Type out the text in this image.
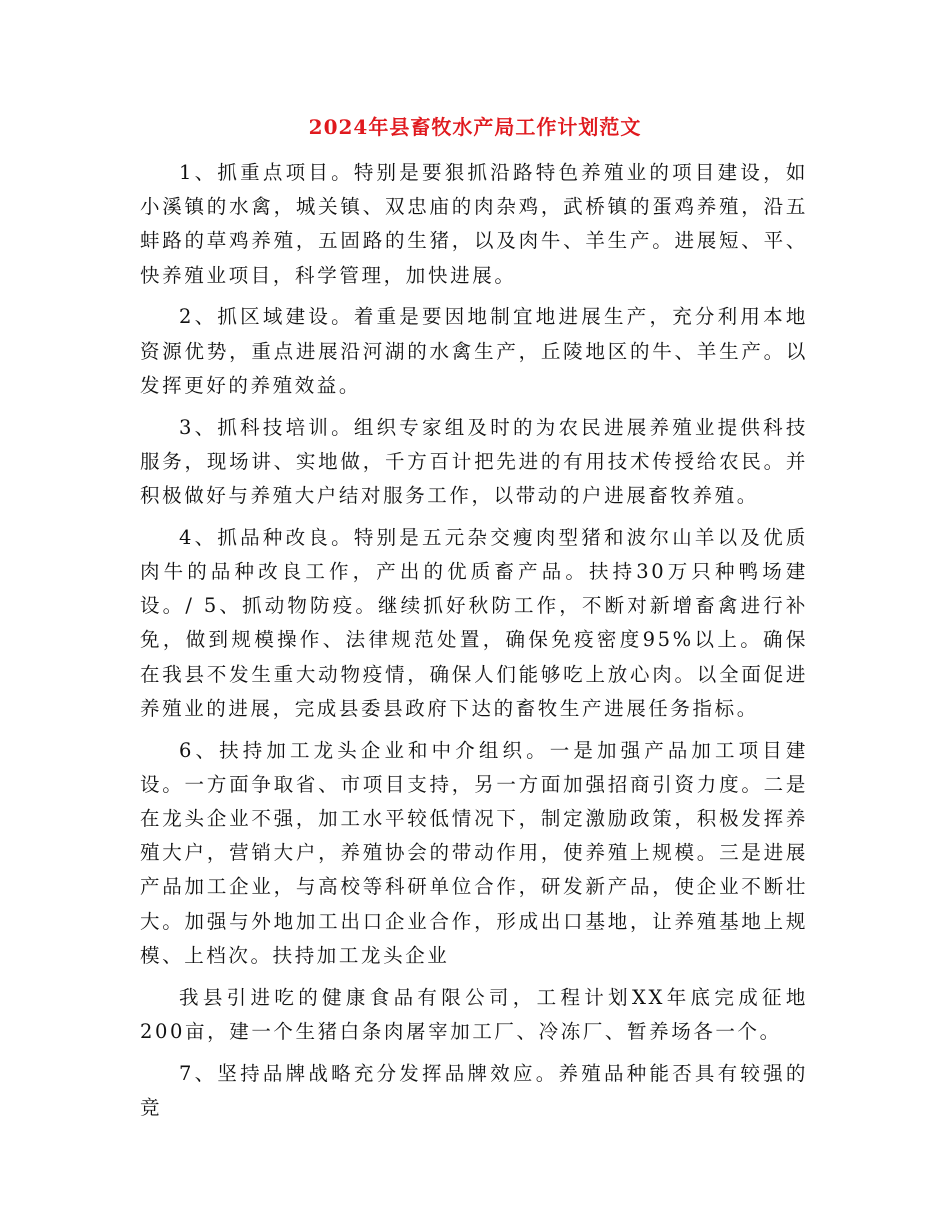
2024年县畜牧水产局工作计划范文

1、抓重点项目。特别是要狠抓沿路特色养殖业的项目建设，如小溪镇的水禽，城关镇、双忠庙的肉杂鸡，武桥镇的蛋鸡养殖，沿五蚌路的草鸡养殖，五固路的生猪，以及肉牛、羊生产。进展短、平、快养殖业项目，科学管理，加快进展。

2、抓区域建设。着重是要因地制宜地进展生产，充分利用本地资源优势，重点进展沿河湖的水禽生产，丘陵地区的牛、羊生产。以发挥更好的养殖效益。

3、抓科技培训。组织专家组及时的为农民进展养殖业提供科技服务，现场讲、实地做，千方百计把先进的有用技术传授给农民。并积极做好与养殖大户结对服务工作，以带动的户进展畜牧养殖。

4、抓品种改良。特别是五元杂交瘦肉型猪和波尔山羊以及优质肉牛的品种改良工作，产出的优质畜产品。扶持30万只种鸭场建设。/ 5、抓动物防疫。继续抓好秋防工作，不断对新增畜禽进行补免，做到规模操作、法律规范处置，确保免疫密度95%以上。确保在我县不发生重大动物疫情，确保人们能够吃上放心肉。以全面促进养殖业的进展，完成县委县政府下达的畜牧生产进展任务指标。

6、扶持加工龙头企业和中介组织。一是加强产品加工项目建设。一方面争取省、市项目支持，另一方面加强招商引资力度。二是在龙头企业不强，加工水平较低情况下，制定激励政策，积极发挥养殖大户，营销大户，养殖协会的带动作用，使养殖上规模。三是进展产品加工企业，与高校等科研单位合作，研发新产品，使企业不断壮大。加强与外地加工出口企业合作，形成出口基地，让养殖基地上规模、上档次。扶持加工龙头企业

我县引进吃的健康食品有限公司，工程计划XX年底完成征地200亩，建一个生猪白条肉屠宰加工厂、冷冻厂、暂养场各一个。

7、坚持品牌战略充分发挥品牌效应。养殖品种能否具有较强的竞
